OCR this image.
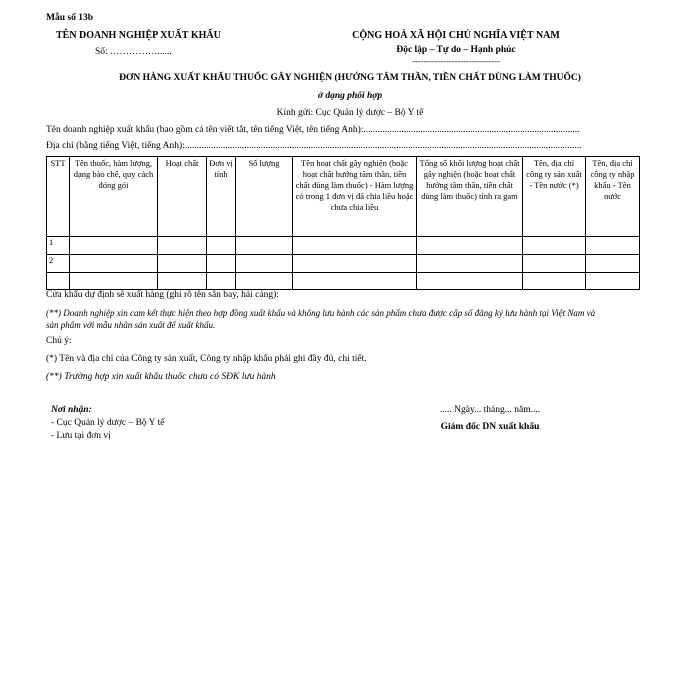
Mẫu số 13b
TÊN DOANH NGHIỆP XUẤT KHẨU
Số: ……………......
CỘNG HOÀ XÃ HỘI CHỦ NGHĨA VIỆT NAM
Độc lập – Tự do – Hạnh phúc
-------------------------------
ĐƠN HÀNG XUẤT KHẨU THUỐC GÂY NGHIỆN (HƯỚNG TÂM THẦN, TIỀN CHẤT DÙNG LÀM THUỐC)
ở dạng phối hợp
Kính gửi: Cục Quản lý dược – Bộ Y tế
Tên doanh nghiệp xuất khẩu (bao gồm cả tên viết tắt, tên tiếng Việt, tên tiếng Anh):...........................................................................................
Địa chỉ (bằng tiếng Việt, tiếng Anh):.......................................................................................................................................................................
STT	Tên thuốc, hàm lượng, dạng bào chế, quy cách đóng gói	Hoạt chất	Đơn vị tính	Số lượng	Tên hoạt chất gây nghiện (hoặc hoạt chất hướng tâm thần, tiền chất dùng làm thuốc) - Hàm lượng có trong 1 đơn vị đã chia liều hoặc chưa chia liều	Tổng số khối lượng hoạt chất gây nghiện (hoặc hoạt chất hướng tâm thần, tiền chất dùng làm thuốc) tính ra gam	Tên, địa chỉ công ty sản xuất - Tên nước (*)	Tên, địa chỉ công ty nhập khẩu - Tên nước
1								
2								

Cửa khẩu dự định sẽ xuất hàng (ghi rõ tên sân bay, hải cảng):
(**) Doanh nghiệp xin cam kết thực hiện theo hợp đồng xuất khẩu và không lưu hành các sản phẩm chưa được cấp số đăng ký lưu hành tại Việt Nam và
sản phẩm với mẫu nhãn sản xuất để xuất khẩu.
Chú ý:
(*) Tên và địa chỉ của Công ty sản xuất, Công ty nhập khẩu phải ghi đầy đủ, chi tiết.
(**) Trường hợp xin xuất khẩu thuốc chưa có SĐK lưu hành
Nơi nhận:
- Cục Quản lý dược – Bộ Y tế
- Lưu tại đơn vị
..... Ngày... tháng... năm....
Giám đốc DN xuất khẩu
